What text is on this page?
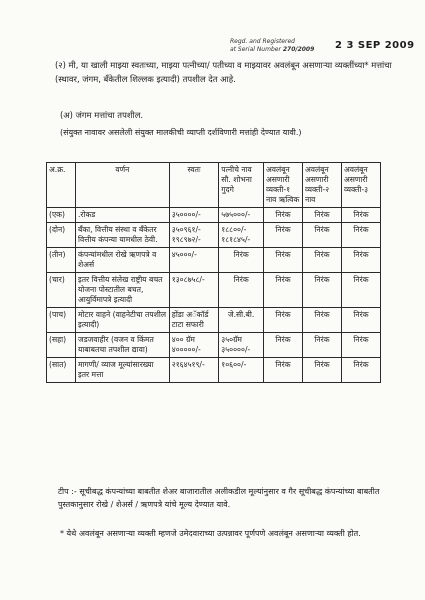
Regd. and Registered
at Serial Number 270/2009 2 3 SEP 2009
(२) मी, या खाली माझ्या स्वतःच्या, माझ्या पत्नीच्या/ पतीच्या व माझ्यावर अवलंबून असणाऱ्या व्यक्तींच्या* मत्तांचा (स्थावर, जंगम, बँकेतील शिल्लक इत्यादी) तपशील देत आहे.
(अ) जंगम मत्तांचा तपशील.
(संयुक्त नावावर असलेली संयुक्त मालकीची व्याप्ती दर्शविणारी मत्तांही देण्यात यावी.)
अ.क्र.	वर्णन	स्वतः	पत्नीचे नाव सौ. शोभना गुदगे	अवलंबून असणारी व्यक्ती-१ नाव ऋत्विक	अवलंबून असणारी व्यक्ती-२ नाव	अवलंबून असणारी व्यक्ती-३
(एक)	.रोकड	३५००००/-	५७५०००/-	निरंक	निरंक	निरंक
(दोन)	बँका, वित्तीय संस्था व बँकेतर वित्तीय कंपन्या यामधील ठेवी.	३५०९६१/- १९८९७२/-	१८८००/- १८१८४५/-	निरंक	निरंक	निरंक
(तीन)	कंपन्यांमधील रोखे ऋणपत्रे व शेअर्स	४५०००/-	निरंक	निरंक	निरंक	निरंक
(चार)	इतर वित्तीय संलेख राष्ट्रीय बचत योजना पोस्टातील बचत, आयुर्विमापत्रे इत्यादी	१३०८७५८/-	निरंक	निरंक	निरंक	निरंक
(पाच)	मोटार वाहने (वाहनेटीचा तपशील इत्यादी)	होंडा अॅकॉर्ड टाटा सफारी	जे.सी.बी.	निरंक	निरंक	निरंक
(सहा)	जडजवाहीर (वजन व किंमत याबाबतचा तपशील द्यावा)	४०० ग्रॅम ४०००००/-	३५०ग्रॅम ३५००००/-	निरंक	निरंक	निरंक
(सात)	मागणी/ व्याज मूल्यांसारख्या इतर मत्ता	२१६४५१९/-	१०६००/-	निरंक	निरंक	निरंक
टीप :- सूचीबद्ध कंपन्यांच्या बाबतीत शेअर बाजारातील अलीकडील मूल्यांनुसार व गैर सूचीबद्ध कंपन्यांच्या बाबतीत पुस्तकानुसार रोखे / शेअर्स / ऋणपत्रे यांचे मूल्य देण्यात यावे.
* येथे अवलंबून असणाऱ्या व्यक्ती म्हणजे उमेदवाराच्या उत्पन्नावर पूर्णपणे अवलंबून असणाऱ्या व्यक्ती होत.
